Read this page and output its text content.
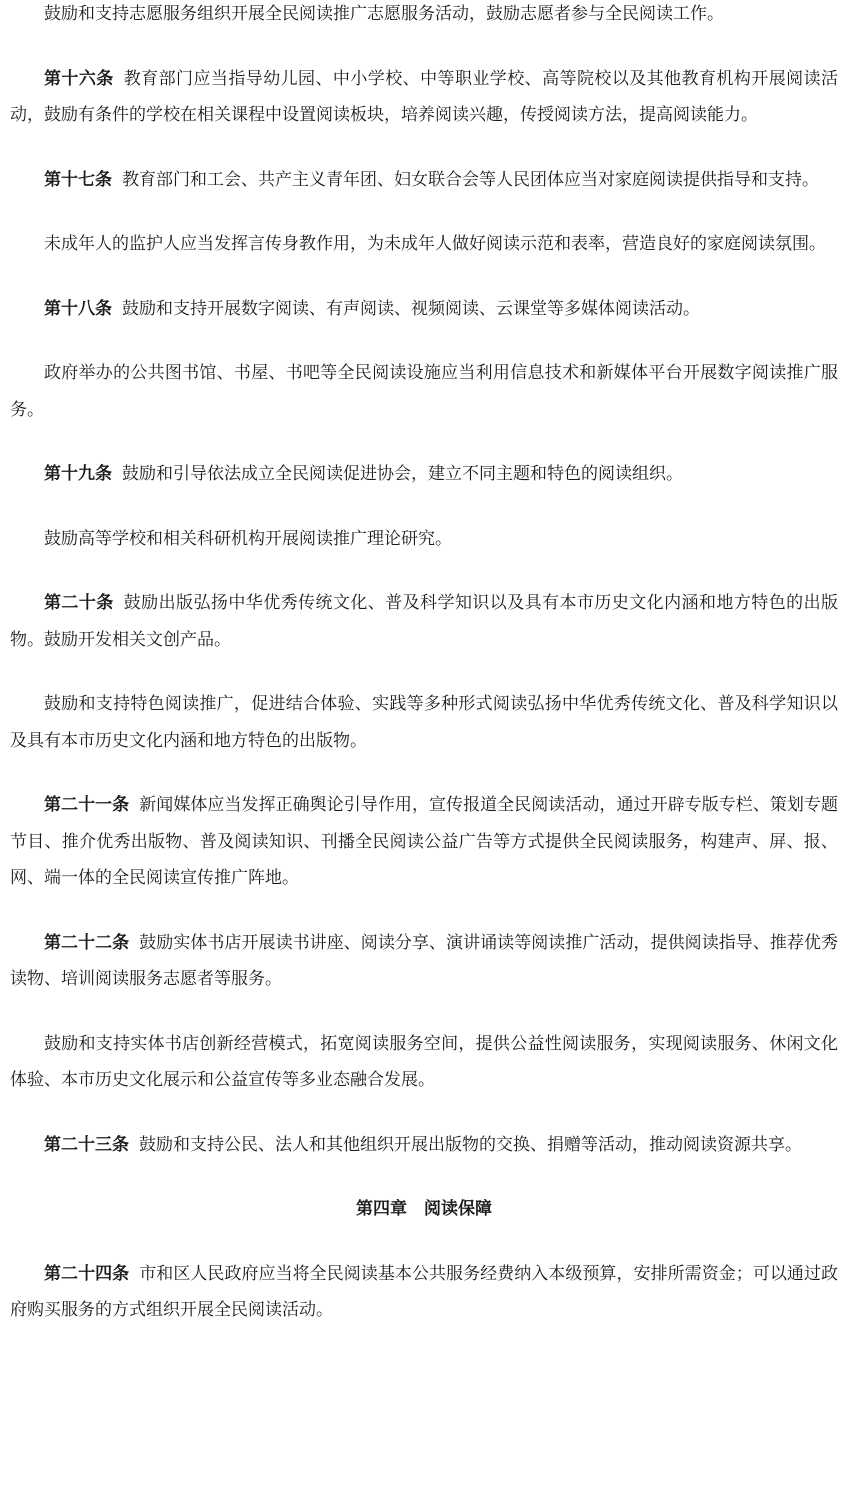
鼓励和支持志愿服务组织开展全民阅读推广志愿服务活动，鼓励志愿者参与全民阅读工作。

第十六条 教育部门应当指导幼儿园、中小学校、中等职业学校、高等院校以及其他教育机构开展阅读活动，鼓励有条件的学校在相关课程中设置阅读板块，培养阅读兴趣，传授阅读方法，提高阅读能力。

第十七条 教育部门和工会、共产主义青年团、妇女联合会等人民团体应当对家庭阅读提供指导和支持。

未成年人的监护人应当发挥言传身教作用，为未成年人做好阅读示范和表率，营造良好的家庭阅读氛围。

第十八条 鼓励和支持开展数字阅读、有声阅读、视频阅读、云课堂等多媒体阅读活动。

政府举办的公共图书馆、书屋、书吧等全民阅读设施应当利用信息技术和新媒体平台开展数字阅读推广服务。

第十九条 鼓励和引导依法成立全民阅读促进协会，建立不同主题和特色的阅读组织。

鼓励高等学校和相关科研机构开展阅读推广理论研究。

第二十条 鼓励出版弘扬中华优秀传统文化、普及科学知识以及具有本市历史文化内涵和地方特色的出版物。鼓励开发相关文创产品。

鼓励和支持特色阅读推广，促进结合体验、实践等多种形式阅读弘扬中华优秀传统文化、普及科学知识以及具有本市历史文化内涵和地方特色的出版物。

第二十一条 新闻媒体应当发挥正确舆论引导作用，宣传报道全民阅读活动，通过开辟专版专栏、策划专题节目、推介优秀出版物、普及阅读知识、刊播全民阅读公益广告等方式提供全民阅读服务，构建声、屏、报、网、端一体的全民阅读宣传推广阵地。

第二十二条 鼓励实体书店开展读书讲座、阅读分享、演讲诵读等阅读推广活动，提供阅读指导、推荐优秀读物、培训阅读服务志愿者等服务。

鼓励和支持实体书店创新经营模式，拓宽阅读服务空间，提供公益性阅读服务，实现阅读服务、休闲文化体验、本市历史文化展示和公益宣传等多业态融合发展。

第二十三条 鼓励和支持公民、法人和其他组织开展出版物的交换、捐赠等活动，推动阅读资源共享。

第四章　阅读保障

第二十四条 市和区人民政府应当将全民阅读基本公共服务经费纳入本级预算，安排所需资金；可以通过政府购买服务的方式组织开展全民阅读活动。
